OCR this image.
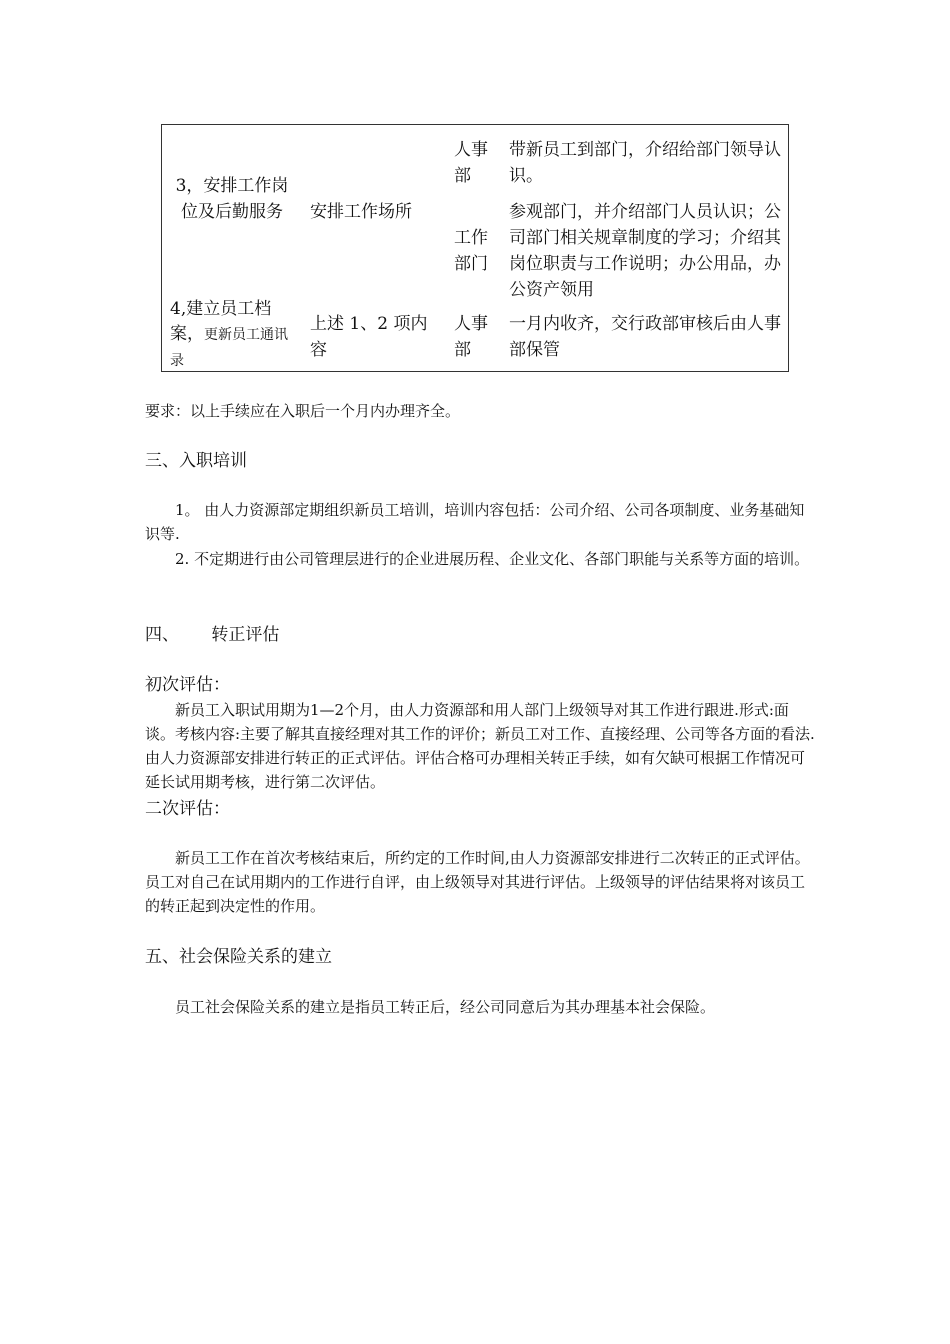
3，安排工作岗位及后勤服务	安排工作场所
人事部
带新员工到部门，介绍给部门领导认识。
工作部门
参观部门，并介绍部门人员认识；公司部门相关规章制度的学习；介绍其岗位职责与工作说明；办公用品，办公资产领用
4,建立员工档案，更新员工通讯录
上述 1、2 项内容
人事部
一月内收齐，交行政部审核后由人事部保管
要求：以上手续应在入职后一个月内办理齐全。
三、入职培训
1。 由人力资源部定期组织新员工培训，培训内容包括：公司介绍、公司各项制度、业务基础知识等.
2. 不定期进行由公司管理层进行的企业进展历程、企业文化、各部门职能与关系等方面的培训。
四、      转正评估
初次评估：
新员工入职试用期为1—2个月，由人力资源部和用人部门上级领导对其工作进行跟进.形式:面谈。考核内容:主要了解其直接经理对其工作的评价；新员工对工作、直接经理、公司等各方面的看法.由人力资源部安排进行转正的正式评估。评估合格可办理相关转正手续，如有欠缺可根据工作情况可延长试用期考核，进行第二次评估。
二次评估：
新员工工作在首次考核结束后，所约定的工作时间,由人力资源部安排进行二次转正的正式评估。员工对自己在试用期内的工作进行自评，由上级领导对其进行评估。上级领导的评估结果将对该员工的转正起到决定性的作用。
五、社会保险关系的建立
员工社会保险关系的建立是指员工转正后，经公司同意后为其办理基本社会保险。
